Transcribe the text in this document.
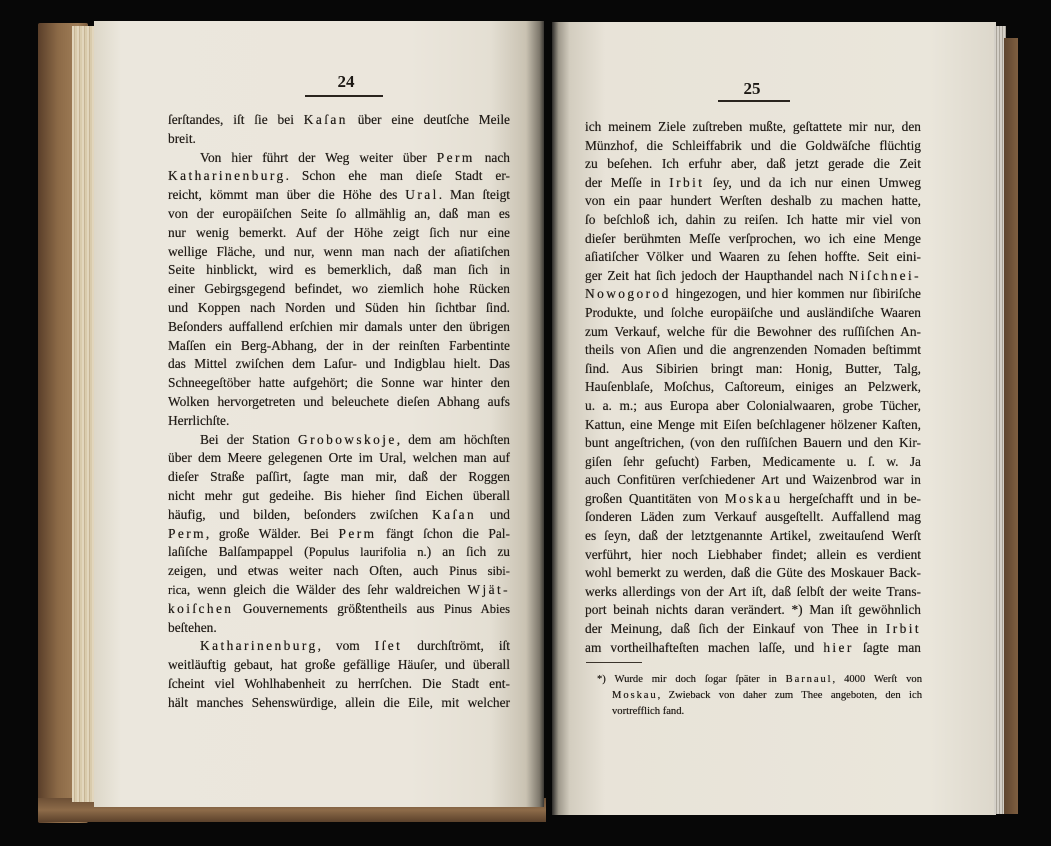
24	25
ſerſtandes, iſt ſie bei Kaſan über eine deutſche Meile
breit.
Von hier führt der Weg weiter über Perm nach
Katharinenburg. Schon ehe man dieſe Stadt er-
reicht, kömmt man über die Höhe des Ural. Man ſteigt
von der europäiſchen Seite ſo allmählig an, daß man es
nur wenig bemerkt. Auf der Höhe zeigt ſich nur eine
wellige Fläche, und nur, wenn man nach der aſiatiſchen
Seite hinblickt, wird es bemerklich, daß man ſich in
einer Gebirgsgegend befindet, wo ziemlich hohe Rücken
und Koppen nach Norden und Süden hin ſichtbar ſind.
Beſonders auffallend erſchien mir damals unter den übrigen
Maſſen ein Berg-Abhang, der in der reinſten Farbentinte
das Mittel zwiſchen dem Laſur- und Indigblau hielt. Das
Schneegeſtöber hatte aufgehört; die Sonne war hinter den
Wolken hervorgetreten und beleuchete dieſen Abhang aufs
Herrlichſte.
Bei der Station Grobowskoje, dem am höchſten
über dem Meere gelegenen Orte im Ural, welchen man auf
dieſer Straße paſſirt, ſagte man mir, daß der Roggen
nicht mehr gut gedeihe. Bis hieher ſind Eichen überall
häufig, und bilden, beſonders zwiſchen Kaſan und
Perm, große Wälder. Bei Perm fängt ſchon die Pal-
laſiſche Balſampappel (Populus laurifolia n.) an ſich zu
zeigen, und etwas weiter nach Oſten, auch Pinus sibi-
rica, wenn gleich die Wälder des ſehr waldreichen Wjät-
koiſchen Gouvernements größtentheils aus Pinus Abies
beſtehen.
Katharinenburg, vom Iſet durchſtrömt, iſt
weitläuftig gebaut, hat große gefällige Häuſer, und überall
ſcheint viel Wohlhabenheit zu herrſchen. Die Stadt ent-
hält manches Sehenswürdige, allein die Eile, mit welcher
ich meinem Ziele zuſtreben mußte, geſtattete mir nur, den
Münzhof, die Schleiffabrik und die Goldwäſche flüchtig
zu beſehen. Ich erfuhr aber, daß jetzt gerade die Zeit
der Meſſe in Irbit ſey, und da ich nur einen Umweg
von ein paar hundert Werſten deshalb zu machen hatte,
ſo beſchloß ich, dahin zu reiſen. Ich hatte mir viel von
dieſer berühmten Meſſe verſprochen, wo ich eine Menge
aſiatiſcher Völker und Waaren zu ſehen hoffte. Seit eini-
ger Zeit hat ſich jedoch der Haupthandel nach Niſchnei-
Nowogorod hingezogen, und hier kommen nur ſibiriſche
Produkte, und ſolche europäiſche und ausländiſche Waaren
zum Verkauf, welche für die Bewohner des ruſſiſchen An-
theils von Aſien und die angrenzenden Nomaden beſtimmt
ſind. Aus Sibirien bringt man: Honig, Butter, Talg,
Hauſenblaſe, Moſchus, Caſtoreum, einiges an Pelzwerk,
u. a. m.; aus Europa aber Colonialwaaren, grobe Tücher,
Kattun, eine Menge mit Eiſen beſchlagener hölzener Kaſten,
bunt angeſtrichen, (von den ruſſiſchen Bauern und den Kir-
giſen ſehr geſucht) Farben, Medicamente u. ſ. w. Ja
auch Confitüren verſchiedener Art und Waizenbrod war in
großen Quantitäten von Moskau hergeſchafft und in be-
ſonderen Läden zum Verkauf ausgeſtellt. Auffallend mag
es ſeyn, daß der letztgenannte Artikel, zweitauſend Werſt
verführt, hier noch Liebhaber findet; allein es verdient
wohl bemerkt zu werden, daß die Güte des Moskauer Back-
werks allerdings von der Art iſt, daß ſelbſt der weite Trans-
port beinah nichts daran verändert. *) Man iſt gewöhnlich
der Meinung, daß ſich der Einkauf von Thee in Irbit
am vortheilhafteſten machen laſſe, und hier ſagte man
*) Wurde mir doch ſogar ſpäter in Barnaul, 4000 Werſt von
Moskau, Zwieback von daher zum Thee angeboten, den ich
vortrefflich fand.
